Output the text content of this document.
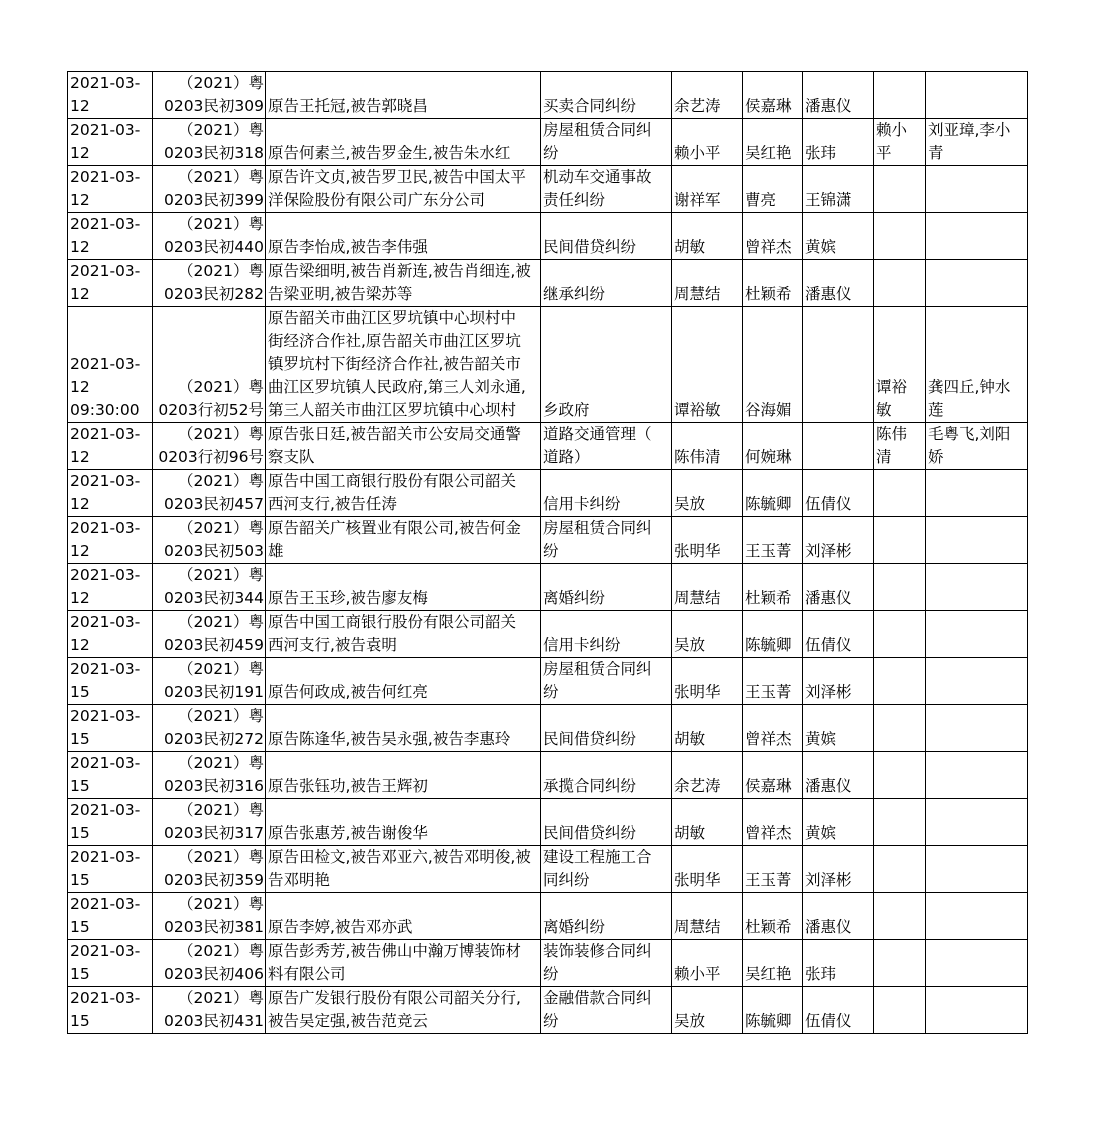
2021-03-
12	（2021）粤
0203民初309	原告王托冠,被告郭晓昌	买卖合同纠纷	余艺涛	侯嘉琳	潘惠仪		
2021-03-
12	（2021）粤
0203民初318	原告何素兰,被告罗金生,被告朱水红	房屋租赁合同纠
纷	赖小平	吴红艳	张玮	赖小
平	刘亚璋,李小
青
2021-03-
12	（2021）粤
0203民初399	原告许文贞,被告罗卫民,被告中国太平
洋保险股份有限公司广东分公司	机动车交通事故
责任纠纷	谢祥军	曹亮	王锦潇		
2021-03-
12	（2021）粤
0203民初440	原告李怡成,被告李伟强	民间借贷纠纷	胡敏	曾祥杰	黄嫔		
2021-03-
12	（2021）粤
0203民初282	原告梁细明,被告肖新连,被告肖细连,被
告梁亚明,被告梁苏等	继承纠纷	周慧结	杜颖希	潘惠仪		
2021-03-
12
09:30:00	（2021）粤
0203行初52号	原告韶关市曲江区罗坑镇中心坝村中
街经济合作社,原告韶关市曲江区罗坑
镇罗坑村下街经济合作社,被告韶关市
曲江区罗坑镇人民政府,第三人刘永通,
第三人韶关市曲江区罗坑镇中心坝村	乡政府	谭裕敏	谷海媚		谭裕
敏	龚四丘,钟水
莲
2021-03-
12	（2021）粤
0203行初96号	原告张日廷,被告韶关市公安局交通警
察支队	道路交通管理（
道路）	陈伟清	何婉琳		陈伟
清	毛粤飞,刘阳
娇
2021-03-
12	（2021）粤
0203民初457	原告中国工商银行股份有限公司韶关
西河支行,被告任涛	信用卡纠纷	吴放	陈毓卿	伍倩仪		
2021-03-
12	（2021）粤
0203民初503	原告韶关广核置业有限公司,被告何金
雄	房屋租赁合同纠
纷	张明华	王玉菁	刘泽彬		
2021-03-
12	（2021）粤
0203民初344	原告王玉珍,被告廖友梅	离婚纠纷	周慧结	杜颖希	潘惠仪		
2021-03-
12	（2021）粤
0203民初459	原告中国工商银行股份有限公司韶关
西河支行,被告袁明	信用卡纠纷	吴放	陈毓卿	伍倩仪		
2021-03-
15	（2021）粤
0203民初191	原告何政成,被告何红亮	房屋租赁合同纠
纷	张明华	王玉菁	刘泽彬		
2021-03-
15	（2021）粤
0203民初272	原告陈逢华,被告吴永强,被告李惠玲	民间借贷纠纷	胡敏	曾祥杰	黄嫔		
2021-03-
15	（2021）粤
0203民初316	原告张钰功,被告王辉初	承揽合同纠纷	余艺涛	侯嘉琳	潘惠仪		
2021-03-
15	（2021）粤
0203民初317	原告张惠芳,被告谢俊华	民间借贷纠纷	胡敏	曾祥杰	黄嫔		
2021-03-
15	（2021）粤
0203民初359	原告田检文,被告邓亚六,被告邓明俊,被
告邓明艳	建设工程施工合
同纠纷	张明华	王玉菁	刘泽彬		
2021-03-
15	（2021）粤
0203民初381	原告李婷,被告邓亦武	离婚纠纷	周慧结	杜颖希	潘惠仪		
2021-03-
15	（2021）粤
0203民初406	原告彭秀芳,被告佛山中瀚万博装饰材
料有限公司	装饰装修合同纠
纷	赖小平	吴红艳	张玮		
2021-03-
15	（2021）粤
0203民初431	原告广发银行股份有限公司韶关分行,
被告吴定强,被告范竞云	金融借款合同纠
纷	吴放	陈毓卿	伍倩仪		
